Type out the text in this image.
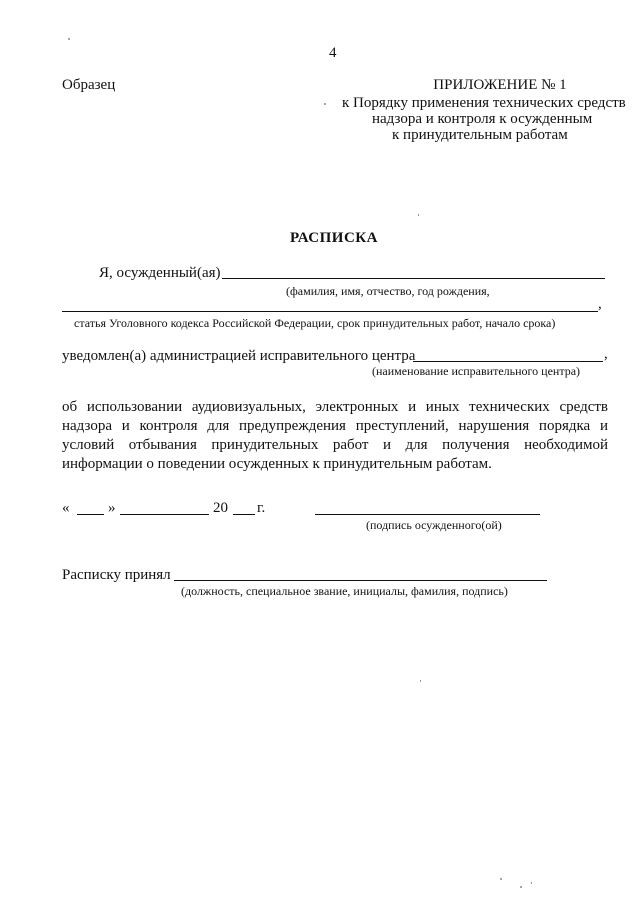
4
Образец	ПРИЛОЖЕНИЕ № 1
к Порядку применения технических средств
надзора и контроля к осужденным
к принудительным работам
РАСПИСКА
Я, осужденный(ая)
(фамилия, имя, отчество, год рождения,
,
статья Уголовного кодекса Российской Федерации, срок принудительных работ, начало срока)
уведомлен(а) администрацией исправительного центра	,
(наименование исправительного центра)
об использовании аудиовизуальных, электронных и иных технических средств надзора и контроля для предупреждения преступлений, нарушения порядка и условий отбывания принудительных работ и для получения необходимой информации о поведении осужденных к принудительным работам.
«	»	20 г.
(подпись осужденного(ой)
Расписку принял
(должность, специальное звание, инициалы, фамилия, подпись)
